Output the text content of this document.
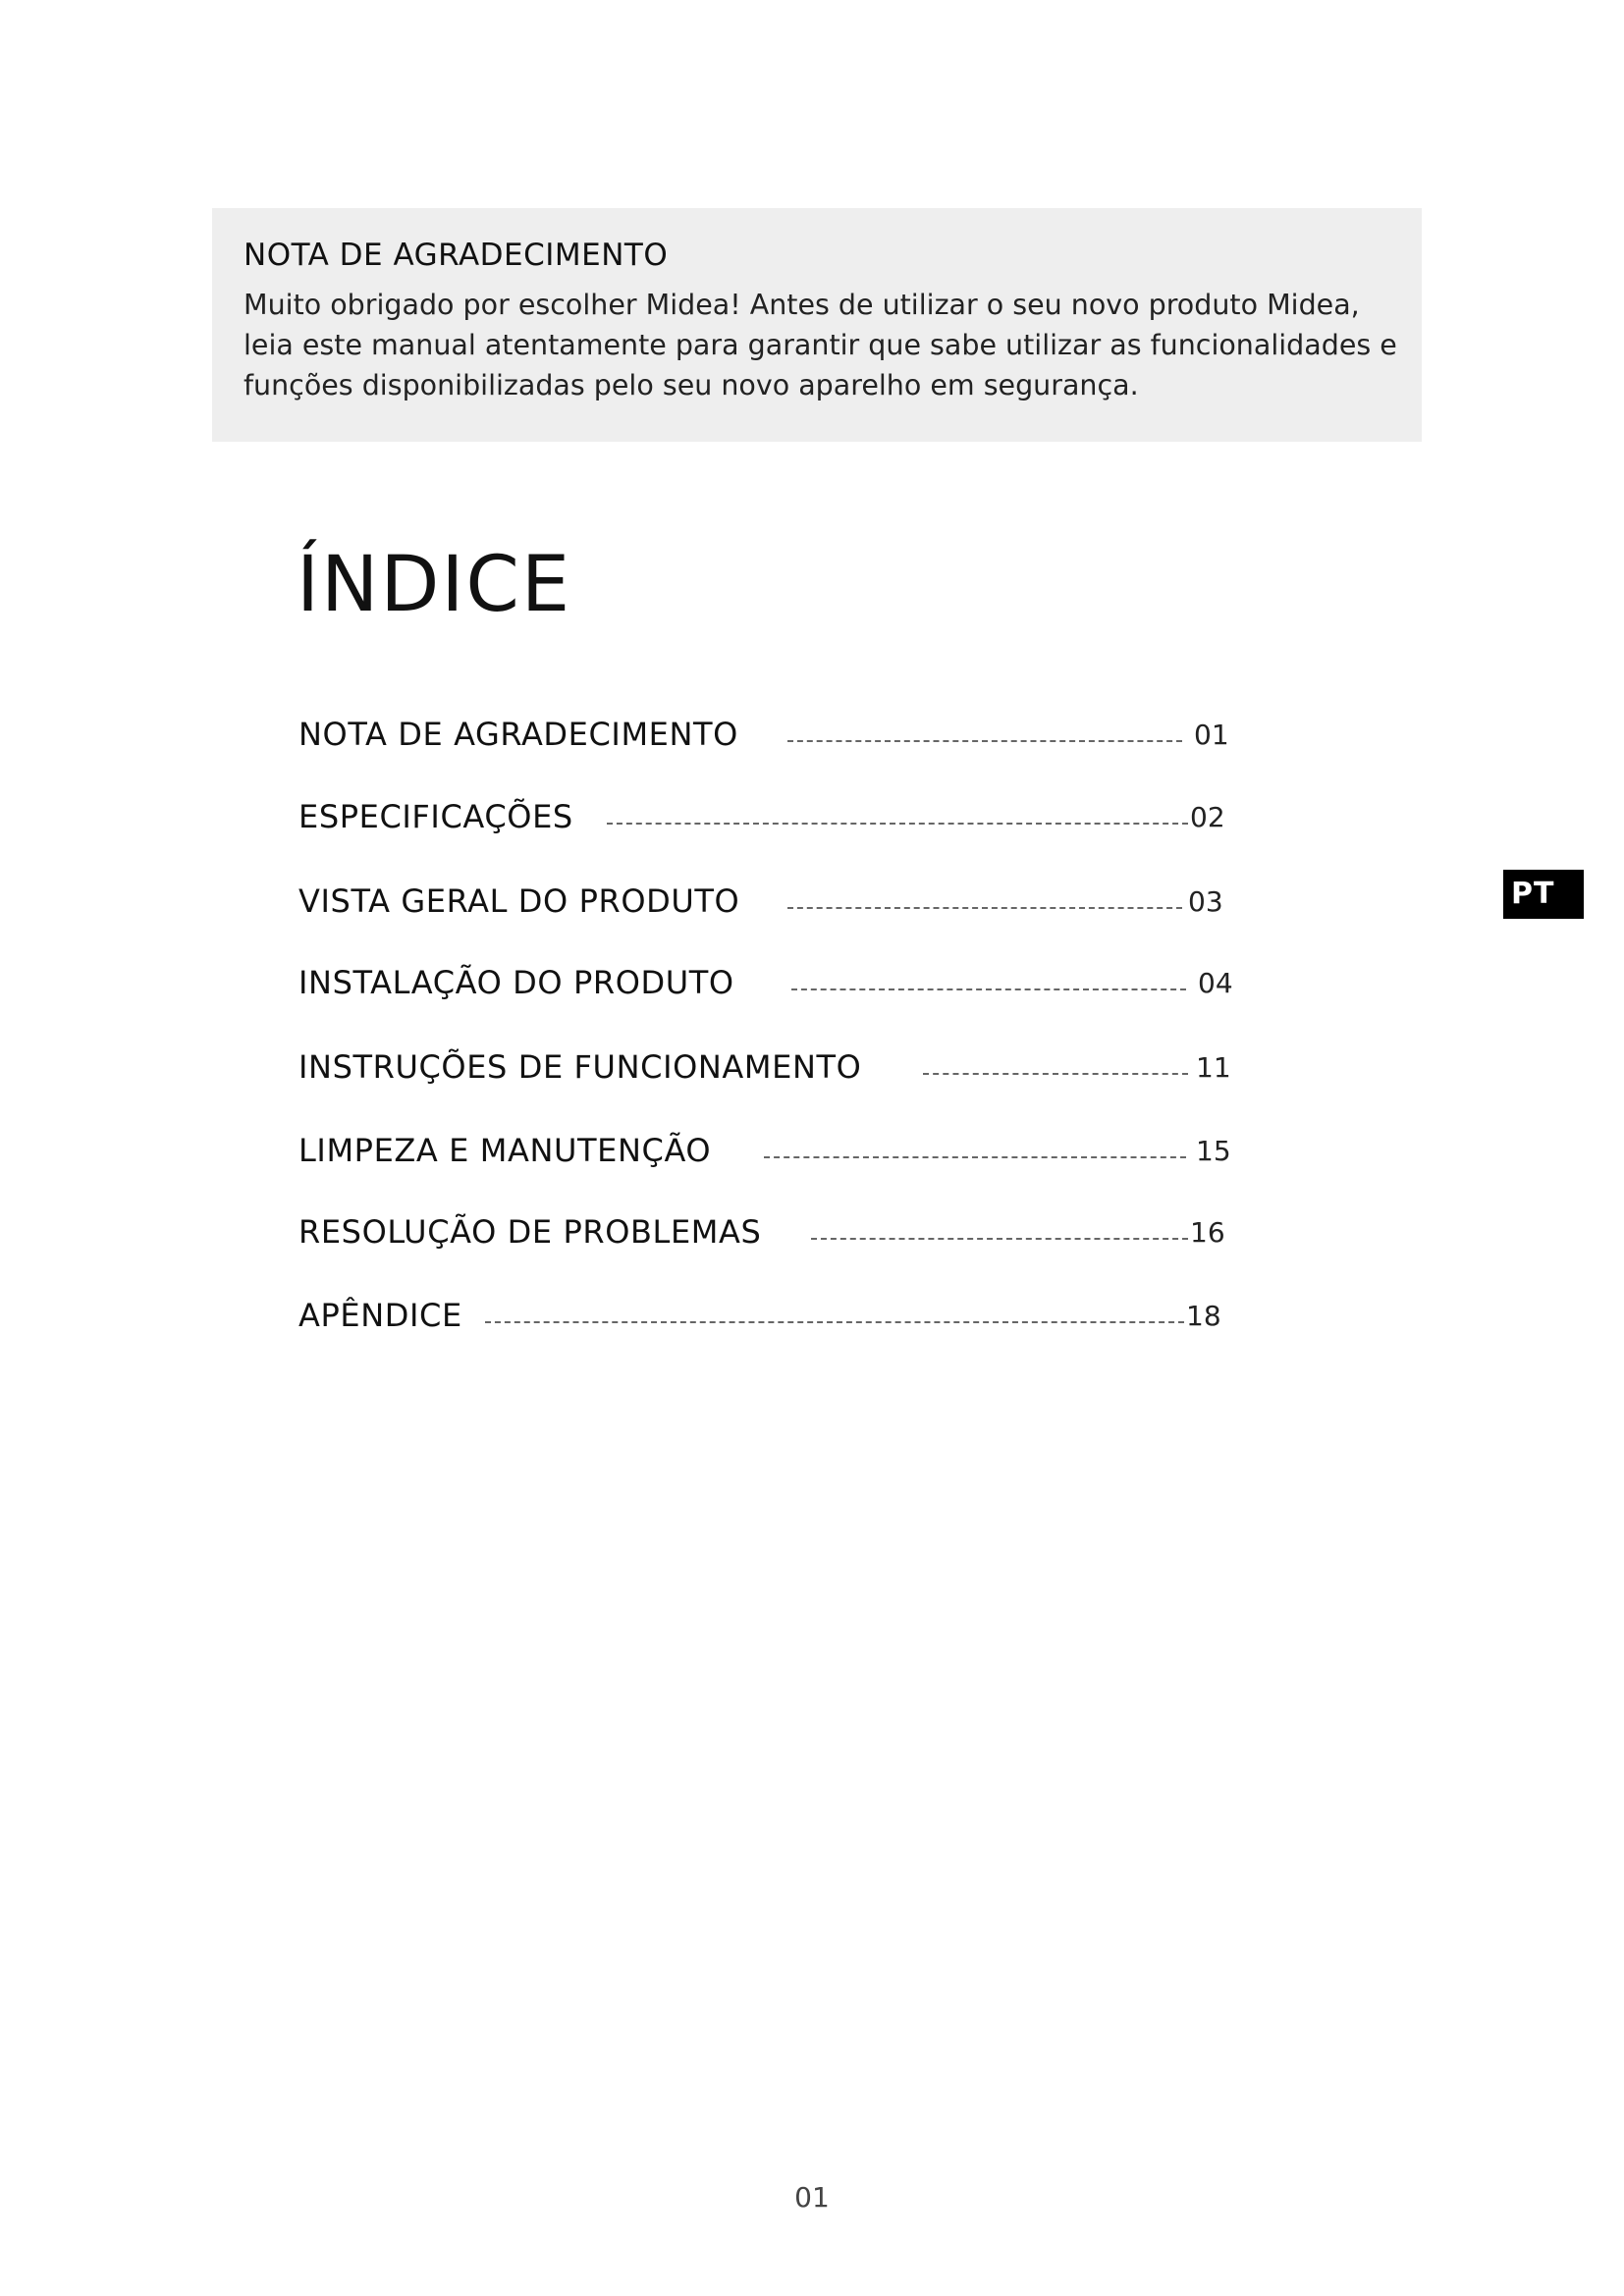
NOTA DE AGRADECIMENTO

Muito obrigado por escolher Midea! Antes de utilizar o seu novo produto Midea,
leia este manual atentamente para garantir que sabe utilizar as funcionalidades e
funções disponibilizadas pelo seu novo aparelho em segurança.

ÍNDICE
NOTA DE AGRADECIMENTO	01
ESPECIFICAÇÕES	02
VISTA GERAL DO PRODUTO	03
INSTALAÇÃO DO PRODUTO	04
INSTRUÇÕES DE FUNCIONAMENTO	11
LIMPEZA E MANUTENÇÃO	15
RESOLUÇÃO DE PROBLEMAS	16
APÊNDICE	18
PT
01
